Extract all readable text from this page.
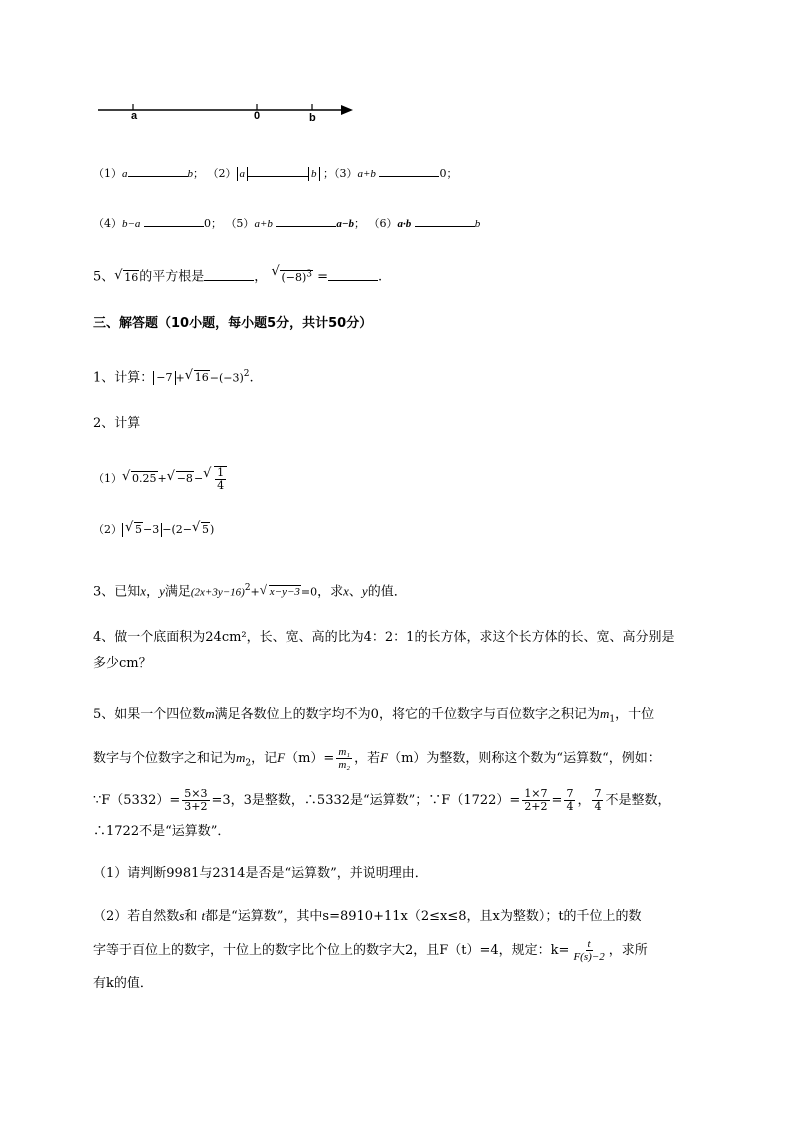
a	0	b
（1）a	b； （2） a	b ；（3）a+b	0；
（4）b−a	0； （5）a+b	a−b； （6）a·b	b
5、√ 16的平方根是	， √ $(-8)^3$ =	.
三、解答题（10小题，每小题5分，共计50分）
1、计算： −7 +√ $16-(-3)^2$.
2、计算
（1）√ 0.25+√ −8−
√ $\frac{1}{4}$
（2）√ 5−3 −(2−√ 5)
3、已知x，y满足$(2x+3y-16)^2+√$ x−y−3=0，求x、y的值．
4、做一个底面积为24cm²，长、宽、高的比为4：2：1的长方体，求这个长方体的长、宽、高分别是
多少cm？
5、如果一个四位数m满足各数位上的数字均不为0，将它的千位数字与百位数字之积记为$m_1$，十位
数字与个位数字之和记为$m_2$，记$F(m)= \frac{\text{m₁}}{\text{m₂}}$ ，若F（m）为整数，则称这个数为“运算数“，例如：
∵F（5332）= $\frac{5\times 3}{3+2} =3$，3是整数，∴5332是“运算数”；∵F（1722）= $\frac{1\times 7}{2+2} = \frac{7}{4}$ ， $\frac{7}{4}$ 不是整数，
∴1722不是“运算数”．
（1）请判断9981与2314是否是“运算数”，并说明理由．
（2）若自然数s和 t都是“运算数”，其中s=8910+11x（2≤x≤8，且x为整数）；t的千位上的数
字等于百位上的数字，十位上的数字比个位上的数字大2，且F（t）=4，规定：$k= \frac{t}{F(s)-2}$ ，求所
有k的值．
